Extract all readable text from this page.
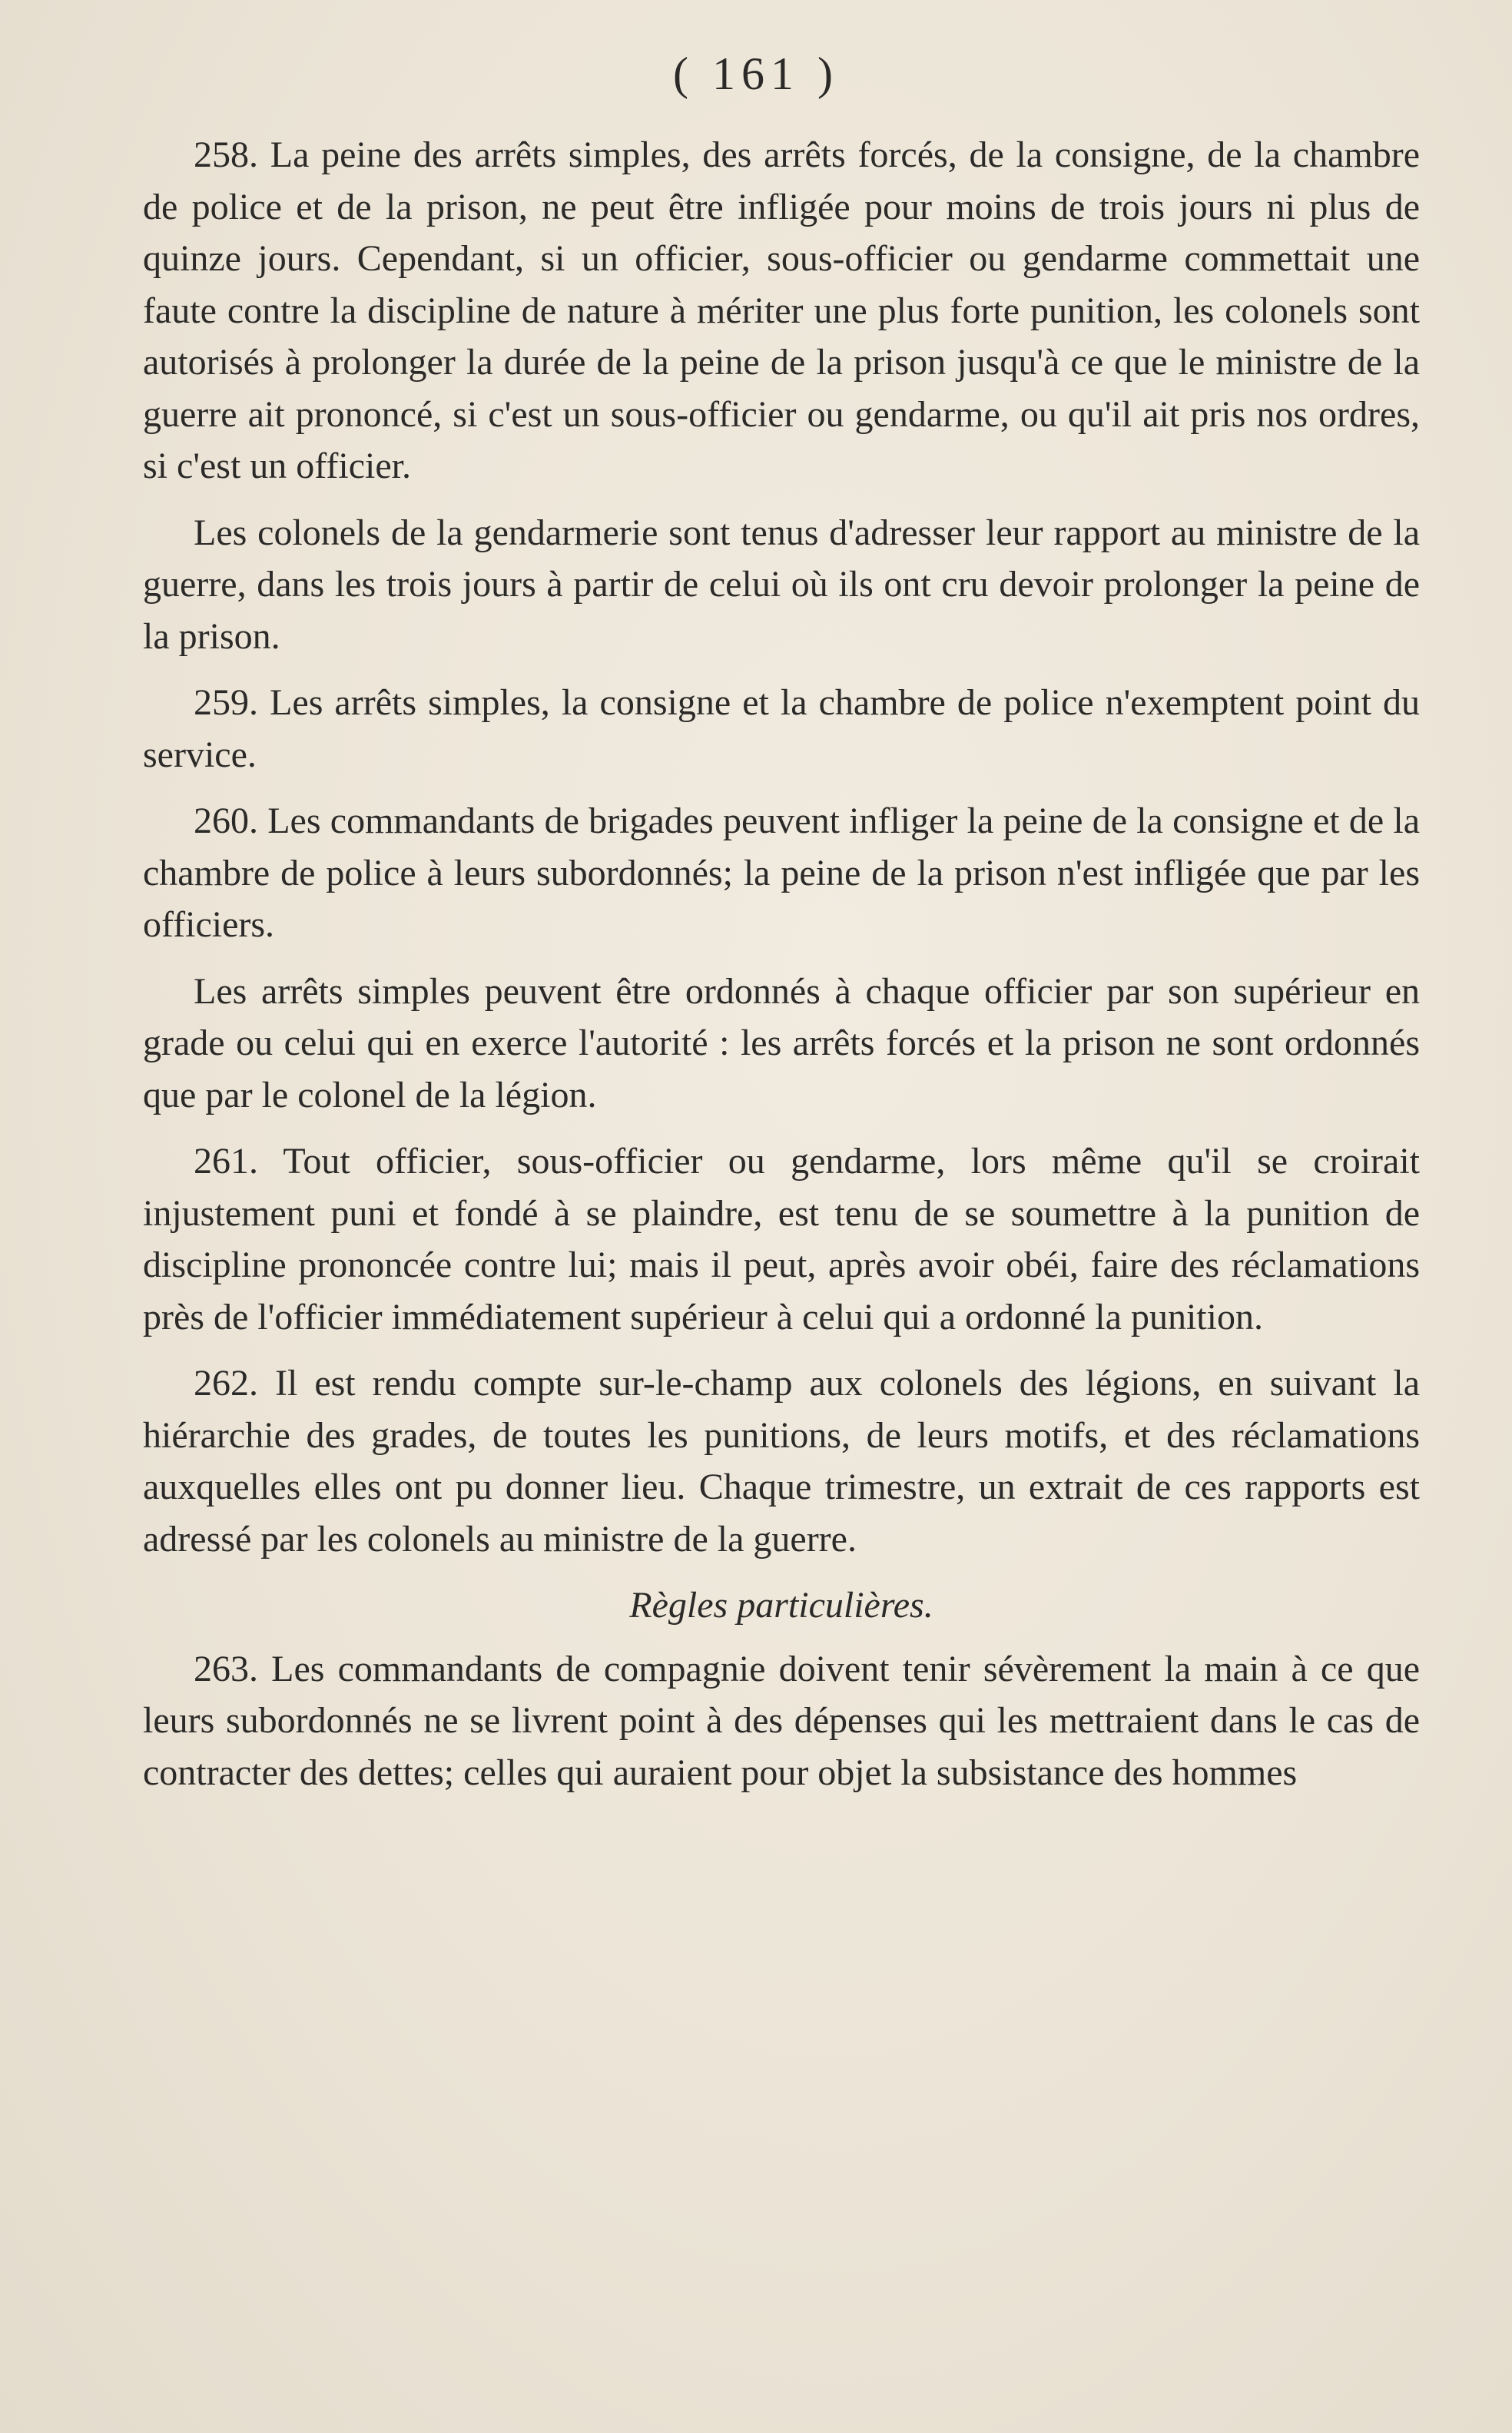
( 161 )

258. La peine des arrêts simples, des arrêts forcés, de la consigne, de la chambre de police et de la prison, ne peut être infligée pour moins de trois jours ni plus de quinze jours. Cependant, si un officier, sous-officier ou gendarme commettait une faute contre la discipline de nature à mériter une plus forte punition, les colonels sont autorisés à prolonger la durée de la peine de la prison jusqu'à ce que le ministre de la guerre ait prononcé, si c'est un sous-officier ou gendarme, ou qu'il ait pris nos ordres, si c'est un officier.

Les colonels de la gendarmerie sont tenus d'adresser leur rapport au ministre de la guerre, dans les trois jours à partir de celui où ils ont cru devoir prolonger la peine de la prison.

259. Les arrêts simples, la consigne et la chambre de police n'exemptent point du service.

260. Les commandants de brigades peuvent infliger la peine de la consigne et de la chambre de police à leurs subordonnés; la peine de la prison n'est infligée que par les officiers.

Les arrêts simples peuvent être ordonnés à chaque officier par son supérieur en grade ou celui qui en exerce l'autorité : les arrêts forcés et la prison ne sont ordonnés que par le colonel de la légion.

261. Tout officier, sous-officier ou gendarme, lors même qu'il se croirait injustement puni et fondé à se plaindre, est tenu de se soumettre à la punition de discipline prononcée contre lui; mais il peut, après avoir obéi, faire des réclamations près de l'officier immédiatement supérieur à celui qui a ordonné la punition.

262. Il est rendu compte sur-le-champ aux colonels des légions, en suivant la hiérarchie des grades, de toutes les punitions, de leurs motifs, et des réclamations auxquelles elles ont pu donner lieu. Chaque trimestre, un extrait de ces rapports est adressé par les colonels au ministre de la guerre.

Règles particulières.

263. Les commandants de compagnie doivent tenir sévèrement la main à ce que leurs subordonnés ne se livrent point à des dépenses qui les mettraient dans le cas de contracter des dettes; celles qui auraient pour objet la subsistance des hommes
